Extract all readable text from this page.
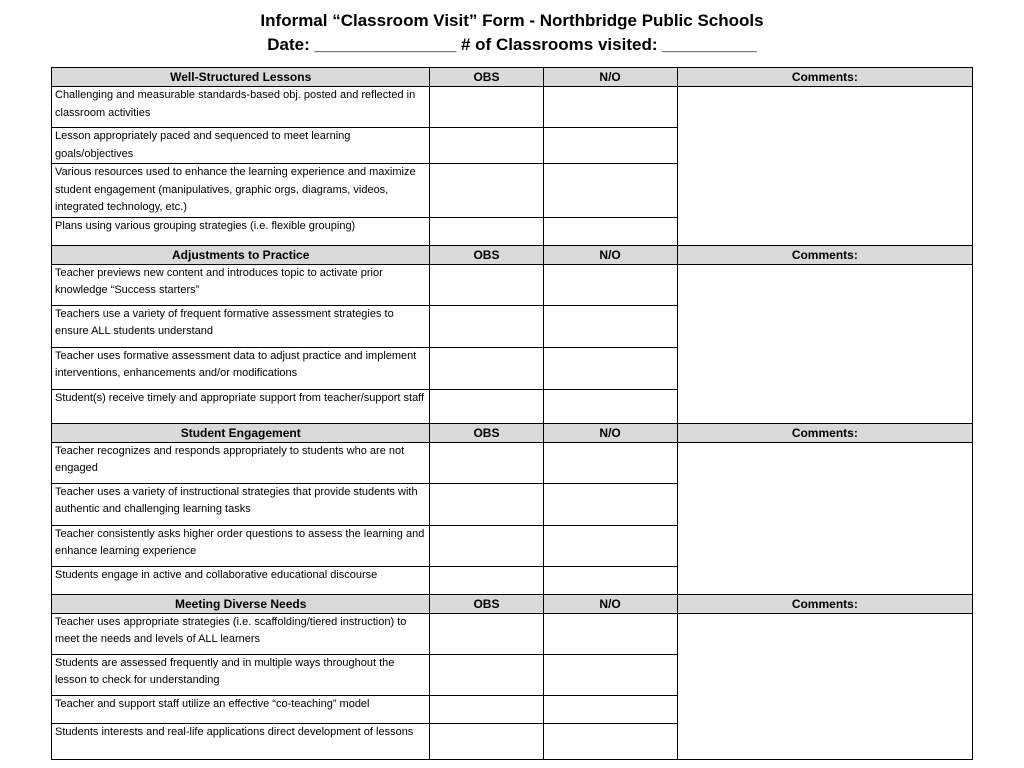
Informal “Classroom Visit” Form - Northbridge Public Schools
Date: _______________ # of Classrooms visited: __________
Well-Structured Lessons	OBS	N/O	Comments:
Challenging and measurable standards-based obj. posted and reflected in classroom activities			
Lesson appropriately paced and sequenced to meet learning goals/objectives			
Various resources used to enhance the learning experience and maximize student engagement (manipulatives, graphic orgs, diagrams, videos, integrated technology, etc.)			
Plans using various grouping strategies (i.e. flexible grouping)			
Adjustments to Practice	OBS	N/O	Comments:
Teacher previews new content and introduces topic to activate prior knowledge “Success starters”			
Teachers use a variety of frequent formative assessment strategies to ensure ALL students understand			
Teacher uses formative assessment data to adjust practice and implement interventions, enhancements and/or modifications			
Student(s) receive timely and appropriate support from teacher/support staff			
Student Engagement	OBS	N/O	Comments:
Teacher recognizes and responds appropriately to students who are not engaged			
Teacher uses a variety of instructional strategies that provide students with authentic and challenging learning tasks			
Teacher consistently asks higher order questions to assess the learning and enhance learning experience			
Students engage in active and collaborative educational discourse			
Meeting Diverse Needs	OBS	N/O	Comments:
Teacher uses appropriate strategies (i.e. scaffolding/tiered instruction) to meet the needs and levels of ALL learners			
Students are assessed frequently and in multiple ways throughout the lesson to check for understanding			
Teacher and support staff utilize an effective “co-teaching” model			
Students interests and real-life applications direct development of lessons			
